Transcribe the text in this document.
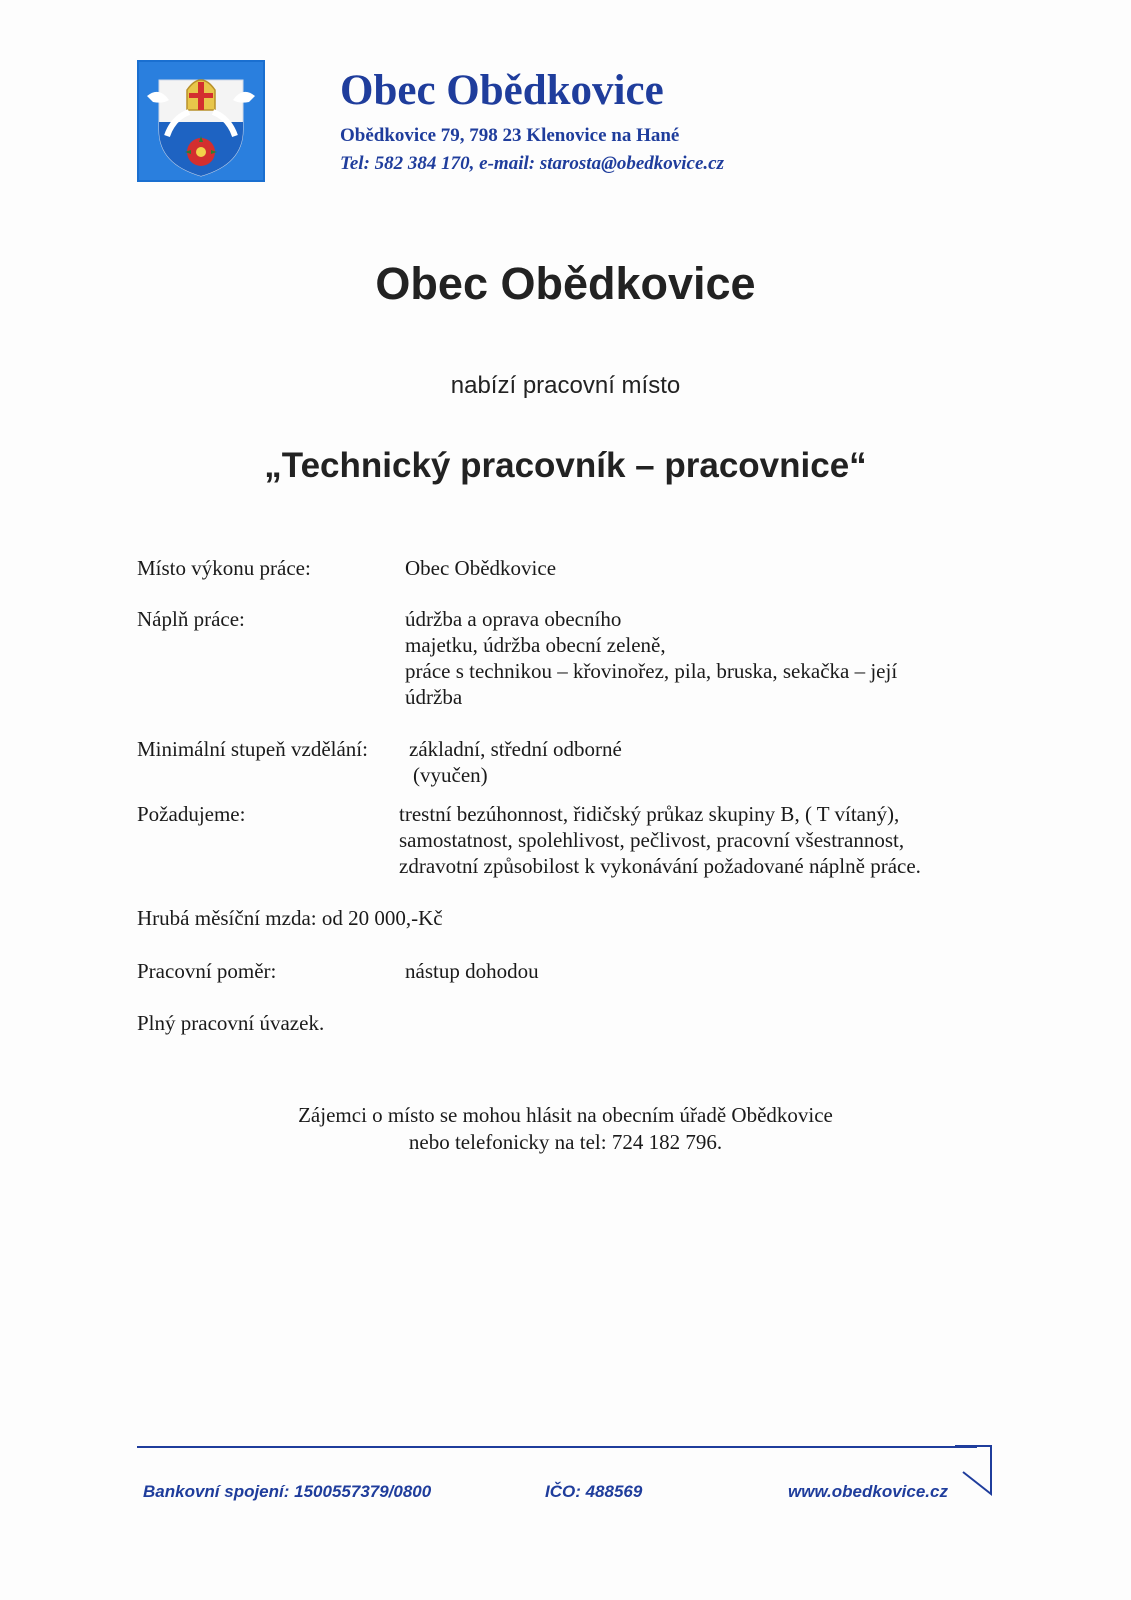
Obec Obědkovice
Obědkovice 79, 798 23 Klenovice na Hané
Tel: 582 384 170, e-mail: starosta@obedkovice.cz
Obec Obědkovice
nabízí pracovní místo
„Technický pracovník – pracovnice“
Místo výkonu práce:	Obec Obědkovice
Náplň práce:	údržba a oprava obecního
majetku, údržba obecní zeleně,
práce s technikou – křovinořez, pila, bruska, sekačka – její
údržba
Minimální stupeň vzdělání: základní, střední odborné
(vyučen)
Požadujeme:	trestní bezúhonnost, řidičský průkaz skupiny B, ( T vítaný),
samostatnost, spolehlivost, pečlivost, pracovní všestrannost,
zdravotní způsobilost k vykonávání požadované náplně práce.
Hrubá měsíční mzda: od 20 000,-Kč
Pracovní poměr:	nástup dohodou
Plný pracovní úvazek.
Zájemci o místo se mohou hlásit na obecním úřadě Obědkovice
nebo telefonicky na tel: 724 182 796.
Bankovní spojení: 1500557379/0800	IČO: 488569	www.obedkovice.cz
